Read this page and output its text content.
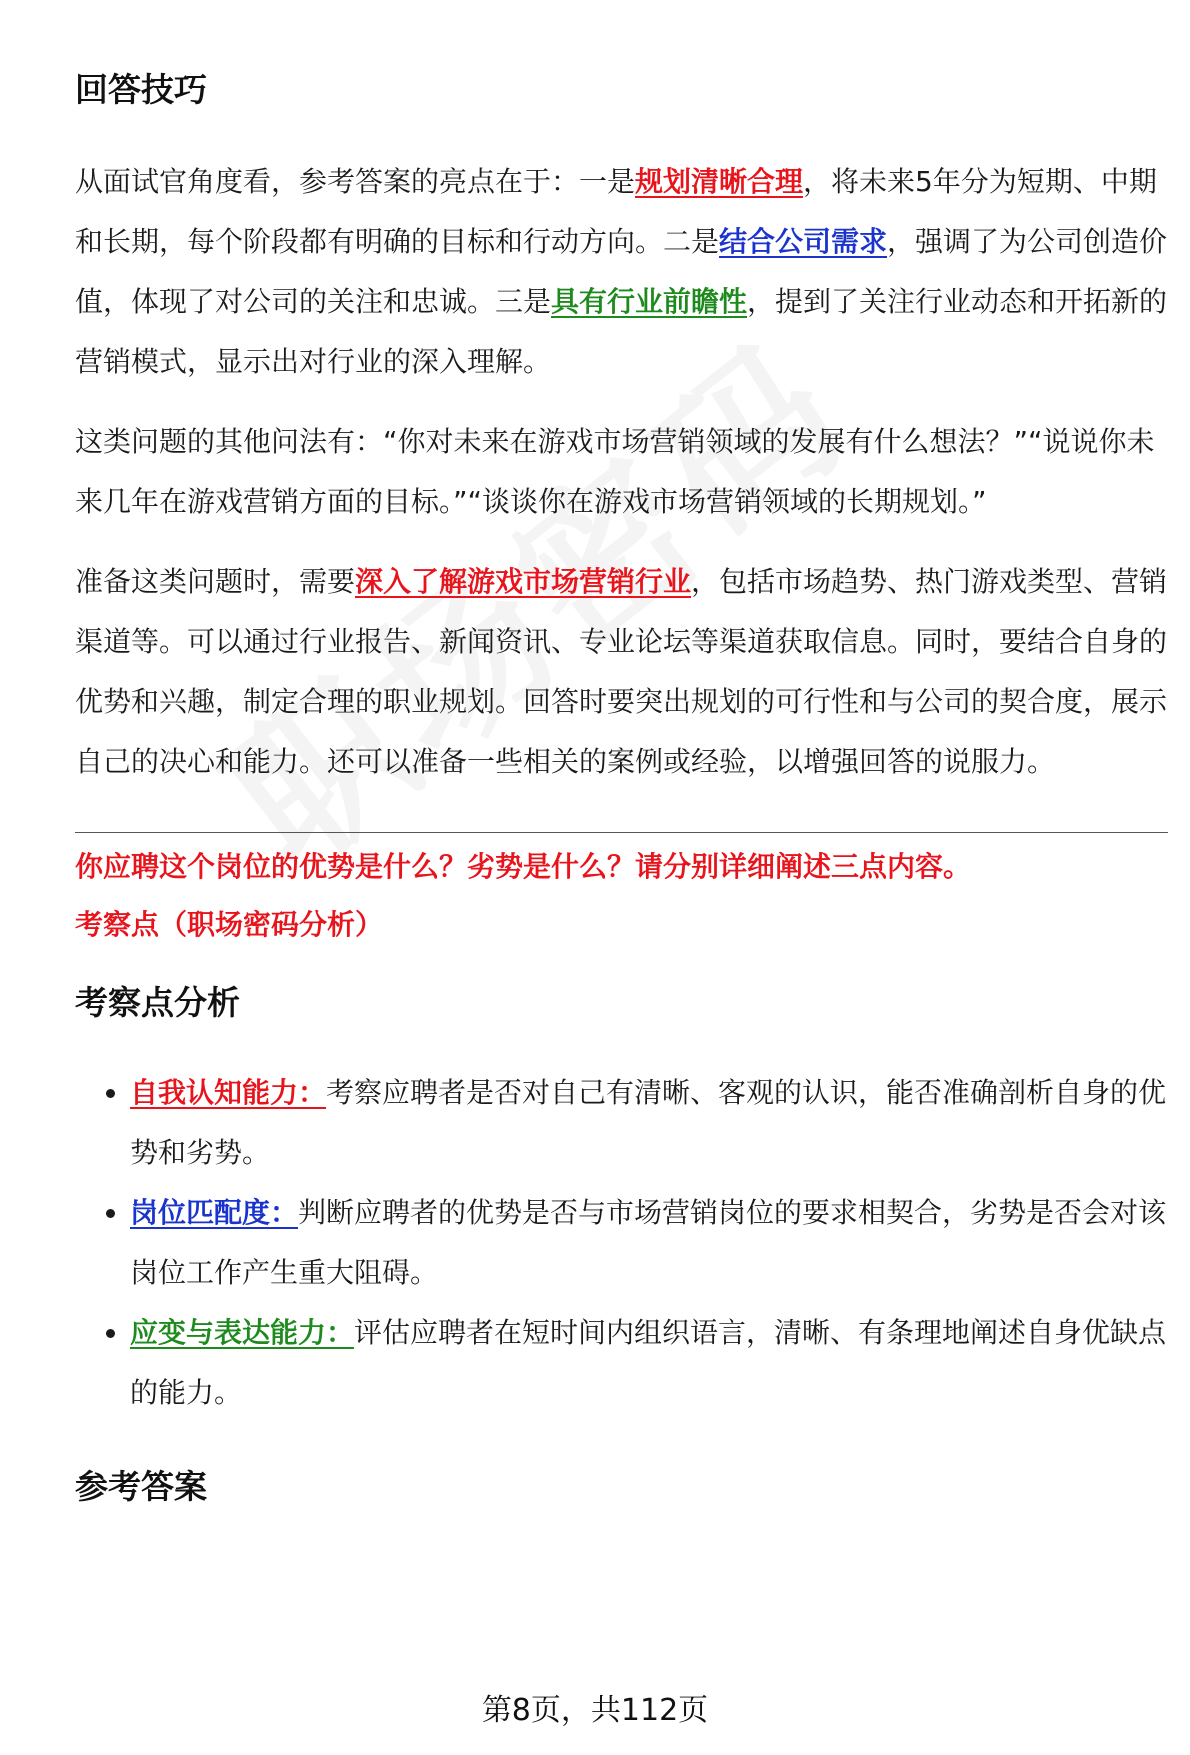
回答技巧

从面试官角度看，参考答案的亮点在于：一是规划清晰合理，将未来5年分为短期、中期和长期，每个阶段都有明确的目标和行动方向。二是结合公司需求，强调了为公司创造价值，体现了对公司的关注和忠诚。三是具有行业前瞻性，提到了关注行业动态和开拓新的营销模式，显示出对行业的深入理解。

这类问题的其他问法有：“你对未来在游戏市场营销领域的发展有什么想法？”“说说你未来几年在游戏营销方面的目标。”“谈谈你在游戏市场营销领域的长期规划。”

准备这类问题时，需要深入了解游戏市场营销行业，包括市场趋势、热门游戏类型、营销渠道等。可以通过行业报告、新闻资讯、专业论坛等渠道获取信息。同时，要结合自身的优势和兴趣，制定合理的职业规划。回答时要突出规划的可行性和与公司的契合度，展示自己的决心和能力。还可以准备一些相关的案例或经验，以增强回答的说服力。

你应聘这个岗位的优势是什么？劣势是什么？请分别详细阐述三点内容。

考察点（职场密码分析）

考察点分析
• 自我认知能力：考察应聘者是否对自己有清晰、客观的认识，能否准确剖析自身的优势和劣势。
• 岗位匹配度：判断应聘者的优势是否与市场营销岗位的要求相契合，劣势是否会对该岗位工作产生重大阻碍。
• 应变与表达能力：评估应聘者在短时间内组织语言，清晰、有条理地阐述自身优缺点的能力。
参考答案
第8页，共112页
